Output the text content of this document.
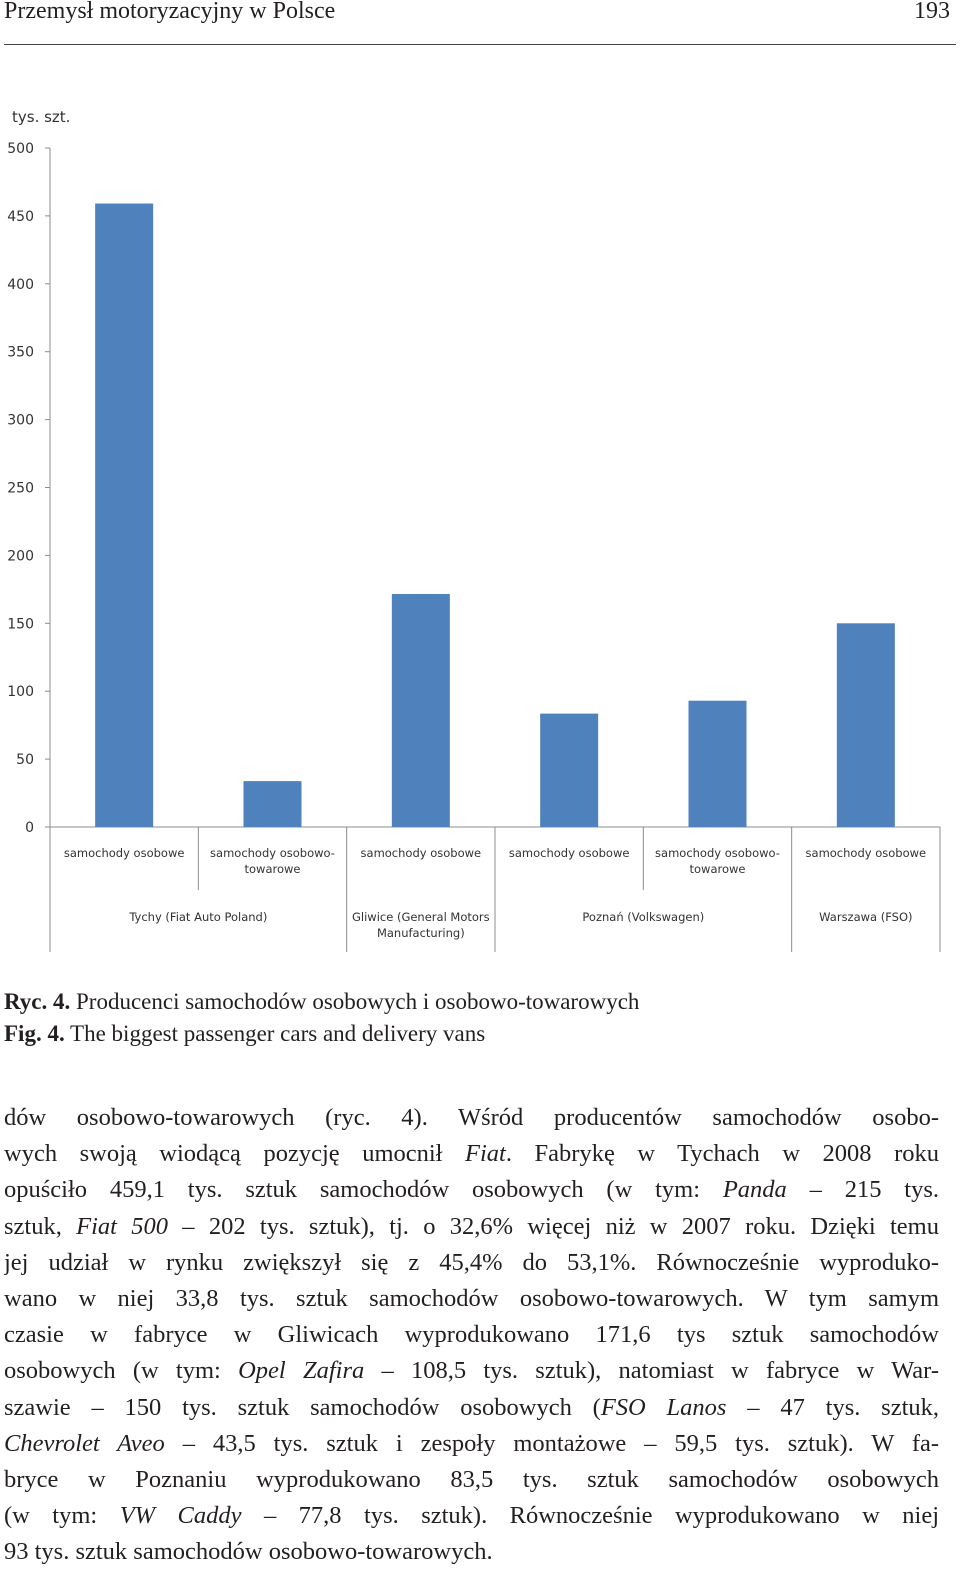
Przemysł motoryzacyjny w Polsce	193
tys. szt.
0
50
100
150
200
250
300
350
400
450
500
samochody osobowe samochody osobowo-
towarowe
samochody osobowe samochody osobowe samochody osobowo-
towarowe
samochody osobowe
Tychy (Fiat Auto Poland)	Gliwice (General Motors
Manufacturing)
Poznań (Volkswagen)	Warszawa (FSO)
Ryc. 4. Producenci samochodów osobowych i osobowo-towarowych
Fig. 4. The biggest passenger cars and delivery vans
dów osobowo-towarowych (ryc. 4). Wśród producentów samochodów osobo-
wych swoją wiodącą pozycję umocnił Fiat. Fabrykę w Tychach w 2008 roku
opuściło 459,1 tys. sztuk samochodów osobowych (w tym: Panda – 215 tys.
sztuk, Fiat 500 – 202 tys. sztuk), tj. o 32,6% więcej niż w 2007 roku. Dzięki temu
jej udział w rynku zwiększył się z 45,4% do 53,1%. Równocześnie wyproduko-
wano w niej 33,8 tys. sztuk samochodów osobowo-towarowych. W tym samym
czasie w fabryce w Gliwicach wyprodukowano 171,6 tys sztuk samochodów
osobowych (w tym: Opel Zafira – 108,5 tys. sztuk), natomiast w fabryce w War-
szawie – 150 tys. sztuk samochodów osobowych (FSO Lanos – 47 tys. sztuk,
Chevrolet Aveo – 43,5 tys. sztuk i zespoły montażowe – 59,5 tys. sztuk). W fa-
bryce w Poznaniu wyprodukowano 83,5 tys. sztuk samochodów osobowych
(w tym: VW Caddy – 77,8 tys. sztuk). Równocześnie wyprodukowano w niej
93 tys. sztuk samochodów osobowo-towarowych.
